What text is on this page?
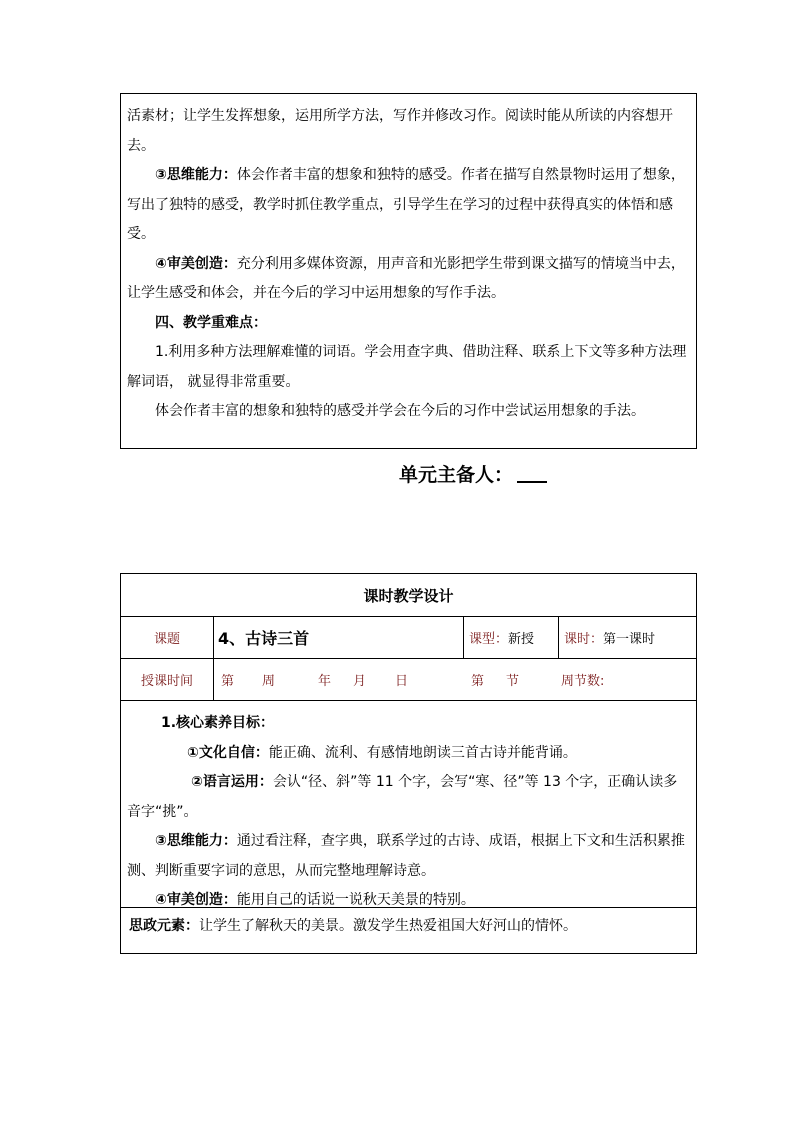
活素材；让学生发挥想象，运用所学方法，写作并修改习作。阅读时能从所读的内容想开去。

③思维能力：体会作者丰富的想象和独特的感受。作者在描写自然景物时运用了想象，写出了独特的感受，教学时抓住教学重点，引导学生在学习的过程中获得真实的体悟和感受。

④审美创造：充分利用多媒体资源，用声音和光影把学生带到课文描写的情境当中去，让学生感受和体会，并在今后的学习中运用想象的写作手法。

四、教学重难点：

1.利用多种方法理解难懂的词语。学会用查字典、借助注释、联系上下文等多种方法理解词语， 就显得非常重要。

体会作者丰富的想象和独特的感受并学会在今后的习作中尝试运用想象的手法。

单元主备人：
课时教学设计
课题	4、古诗三首	课型： 新授 课时： 第一课时
授课时间	第 周	年 月 日	第 节	周节数:

1.核心素养目标：

①文化自信：能正确、流利、有感情地朗读三首古诗并能背诵。

②语言运用：会认“径、斜”等 11 个字，会写“寒、径”等 13 个字，正确认读多音字“挑”。

③思维能力：通过看注释，查字典，联系学过的古诗、成语，根据上下文和生活积累推测、判断重要字词的意思，从而完整地理解诗意。

④审美创造：能用自己的话说一说秋天美景的特别。

思政元素：让学生了解秋天的美景。激发学生热爱祖国大好河山的情怀。
